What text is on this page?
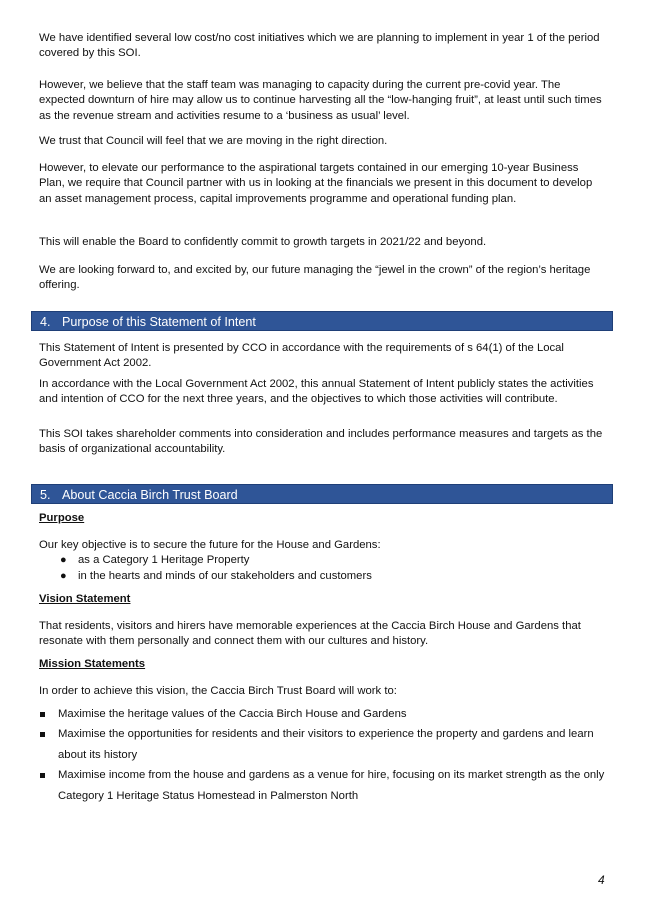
We have identified several low cost/no cost initiatives which we are planning to implement in year 1 of the period covered by this SOI.

However, we believe that the staff team was managing to capacity during the current pre-covid year. The expected downturn of hire may allow us to continue harvesting all the “low-hanging fruit”, at least until such times as the revenue stream and activities resume to a ‘business as usual’ level.

We trust that Council will feel that we are moving in the right direction.

However, to elevate our performance to the aspirational targets contained in our emerging 10-year Business Plan, we require that Council partner with us in looking at the financials we present in this document to develop an asset management process, capital improvements programme and operational funding plan.

This will enable the Board to confidently commit to growth targets in 2021/22 and beyond.

We are looking forward to, and excited by, our future managing the “jewel in the crown” of the region’s heritage offering.

4. Purpose of this Statement of Intent

This Statement of Intent is presented by CCO in accordance with the requirements of s 64(1) of the Local Government Act 2002.

In accordance with the Local Government Act 2002, this annual Statement of Intent publicly states the activities and intention of CCO for the next three years, and the objectives to which those activities will contribute.

This SOI takes shareholder comments into consideration and includes performance measures and targets as the basis of organizational accountability.

5. About Caccia Birch Trust Board

Purpose

Our key objective is to secure the future for the House and Gardens:

● as a Category 1 Heritage Property

● in the hearts and minds of our stakeholders and customers

Vision Statement

That residents, visitors and hirers have memorable experiences at the Caccia Birch House and Gardens that resonate with them personally and connect them with our cultures and history.

Mission Statements

In order to achieve this vision, the Caccia Birch Trust Board will work to:

Maximise the heritage values of the Caccia Birch House and Gardens

Maximise the opportunities for residents and their visitors to experience the property and gardens and learn about its history

Maximise income from the house and gardens as a venue for hire, focusing on its market strength as the only Category 1 Heritage Status Homestead in Palmerston North

4
